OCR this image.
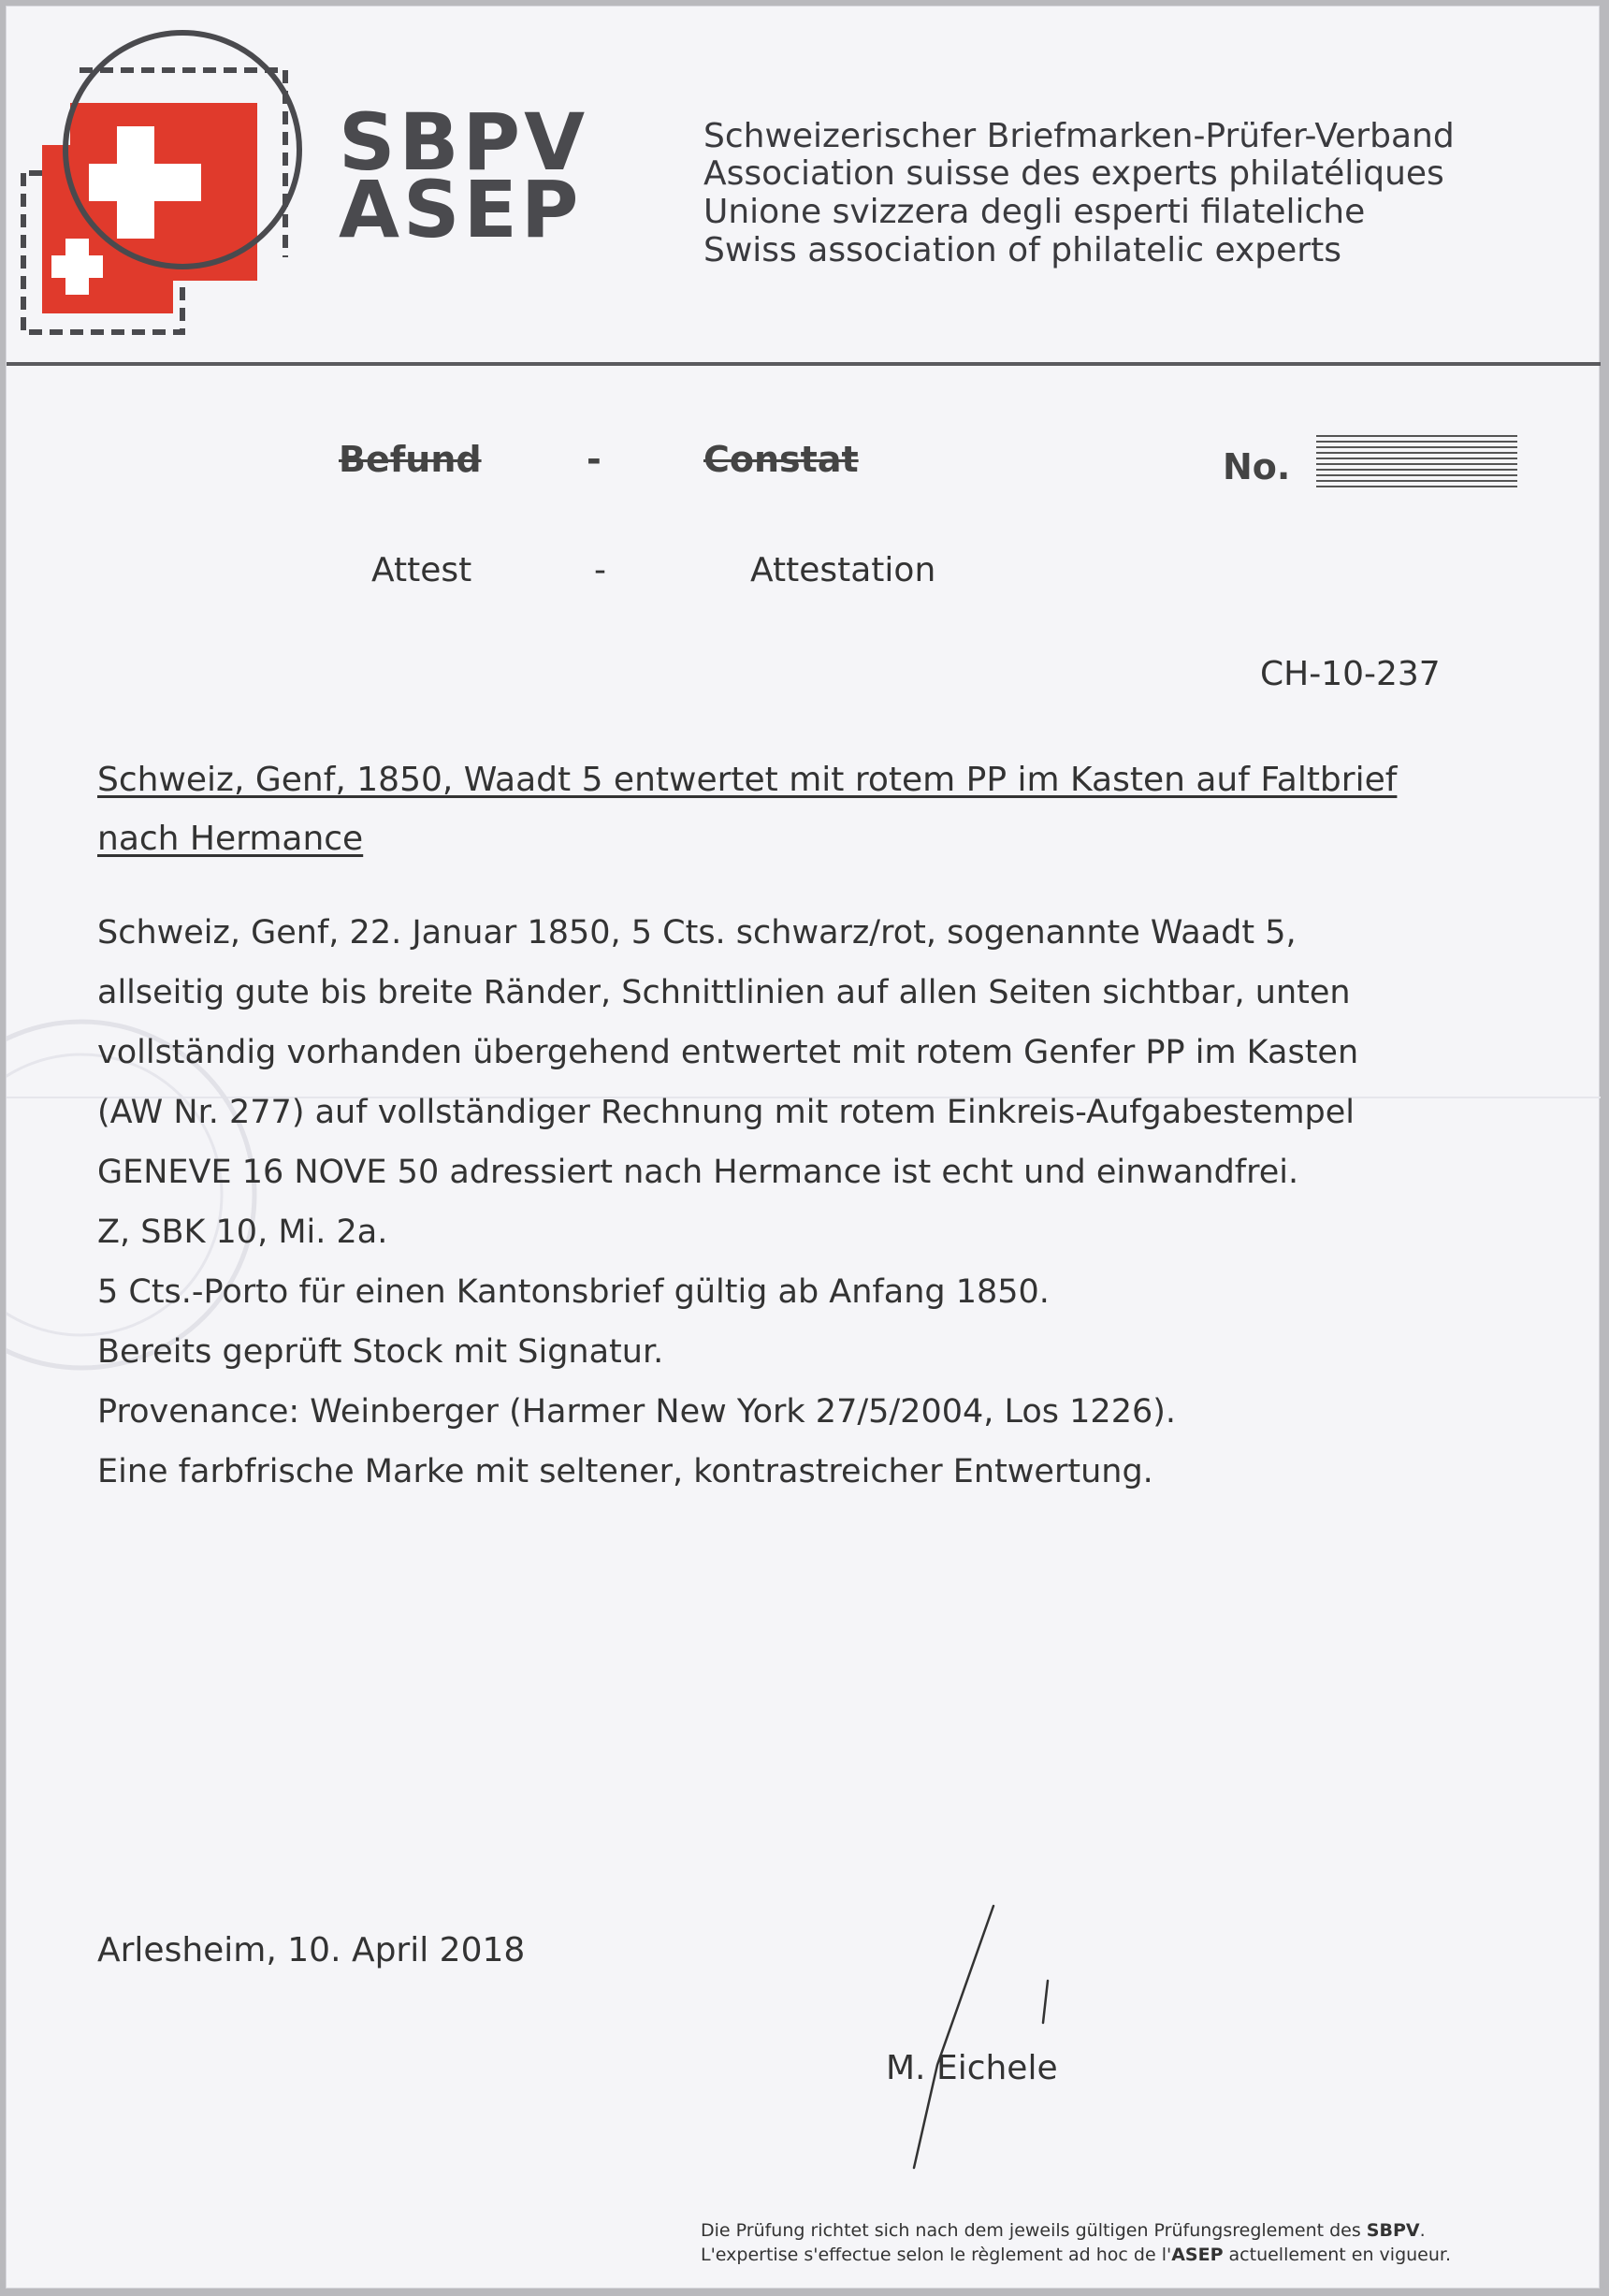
SBPV
ASEP
Schweizerischer Briefmarken-Prüfer-Verband
Association suisse des experts philatéliques
Unione svizzera degli esperti filateliche
Swiss association of philatelic experts
Befund	-	Constat	No.
Attest	-	Attestation
CH-10-237
Schweiz, Genf, 1850, Waadt 5 entwertet mit rotem PP im Kasten auf Faltbrief
nach Hermance
Schweiz, Genf, 22. Januar 1850, 5 Cts. schwarz/rot, sogenannte Waadt 5,
allseitig gute bis breite Ränder, Schnittlinien auf allen Seiten sichtbar, unten
vollständig vorhanden übergehend entwertet mit rotem Genfer PP im Kasten
(AW Nr. 277) auf vollständiger Rechnung mit rotem Einkreis-Aufgabestempel
GENEVE 16 NOVE 50 adressiert nach Hermance ist echt und einwandfrei.
Z, SBK 10, Mi. 2a.
5 Cts.-Porto für einen Kantonsbrief gültig ab Anfang 1850.
Bereits geprüft Stock mit Signatur.
Provenance: Weinberger (Harmer New York 27/5/2004, Los 1226).
Eine farbfrische Marke mit seltener, kontrastreicher Entwertung.
Arlesheim, 10. April 2018
M. Eichele
Die Prüfung richtet sich nach dem jeweils gültigen Prüfungsreglement des SBPV.
L'expertise s'effectue selon le règlement ad hoc de l'ASEP actuellement en vigueur.
